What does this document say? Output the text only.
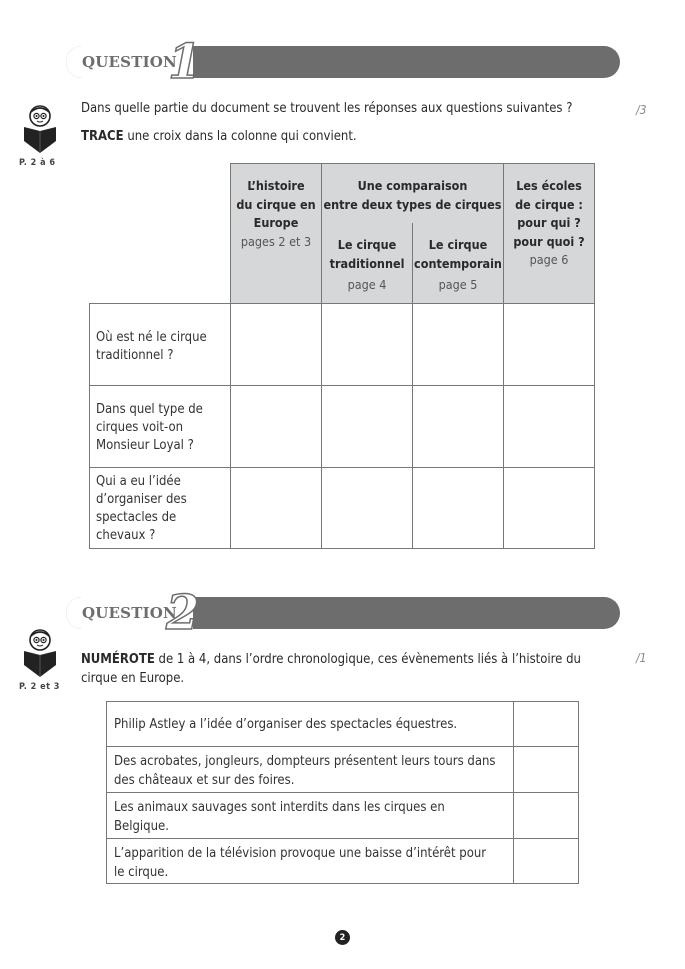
QUESTION
1
P. 2 à 6
Dans quelle partie du document se trouvent les réponses aux questions suivantes ?	/3
TRACE une croix dans la colonne qui convient.
L’histoire
du cirque en
Europe
pages 2 et 3
Une comparaison
entre deux types de cirques
Le cirque
traditionnel
page 4
Le cirque
contemporain
page 5
Les écoles
de cirque :
pour qui ?
pour quoi ?
page 6
Où est né le cirque
traditionnel ?
Dans quel type de
cirques voit-on
Monsieur Loyal ?
Qui a eu l’idée
d’organiser des
spectacles de
chevaux ?
QUESTION
2
P. 2 et 3
NUMÉROTE de 1 à 4, dans l’ordre chronologique, ces évènements liés à l’histoire du
cirque en Europe.
/1
Philip Astley a l’idée d’organiser des spectacles équestres.
Des acrobates, jongleurs, dompteurs présentent leurs tours dans
des châteaux et sur des foires.
Les animaux sauvages sont interdits dans les cirques en
Belgique.
L’apparition de la télévision provoque une baisse d’intérêt pour
le cirque.
2
